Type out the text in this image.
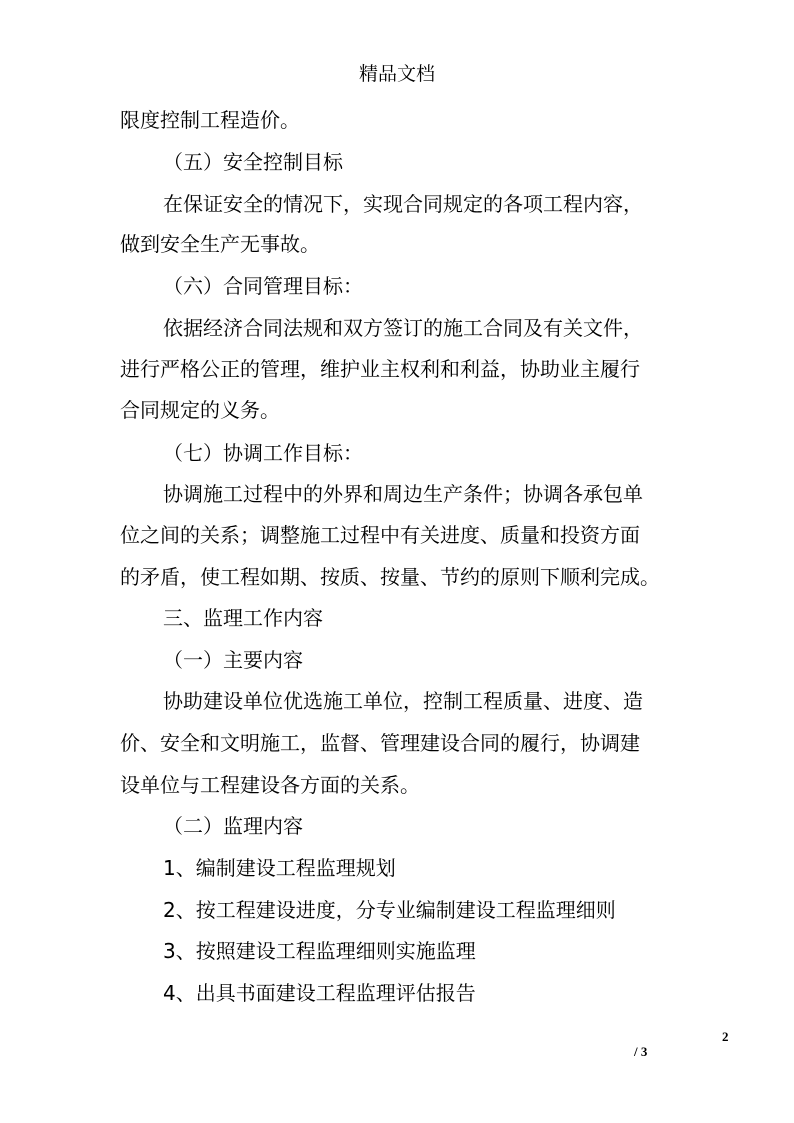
精品文档
限度控制工程造价。
（五）安全控制目标
在保证安全的情况下，实现合同规定的各项工程内容，
做到安全生产无事故。
（六）合同管理目标：
依据经济合同法规和双方签订的施工合同及有关文件，
进行严格公正的管理，维护业主权利和利益，协助业主履行
合同规定的义务。
（七）协调工作目标：
协调施工过程中的外界和周边生产条件；协调各承包单
位之间的关系；调整施工过程中有关进度、质量和投资方面
的矛盾，使工程如期、按质、按量、节约的原则下顺利完成。
三、监理工作内容
（一）主要内容
协助建设单位优选施工单位，控制工程质量、进度、造
价、安全和文明施工，监督、管理建设合同的履行，协调建
设单位与工程建设各方面的关系。
（二）监理内容
1、编制建设工程监理规划
2、按工程建设进度，分专业编制建设工程监理细则
3、按照建设工程监理细则实施监理
4、出具书面建设工程监理评估报告
2
/ 3
